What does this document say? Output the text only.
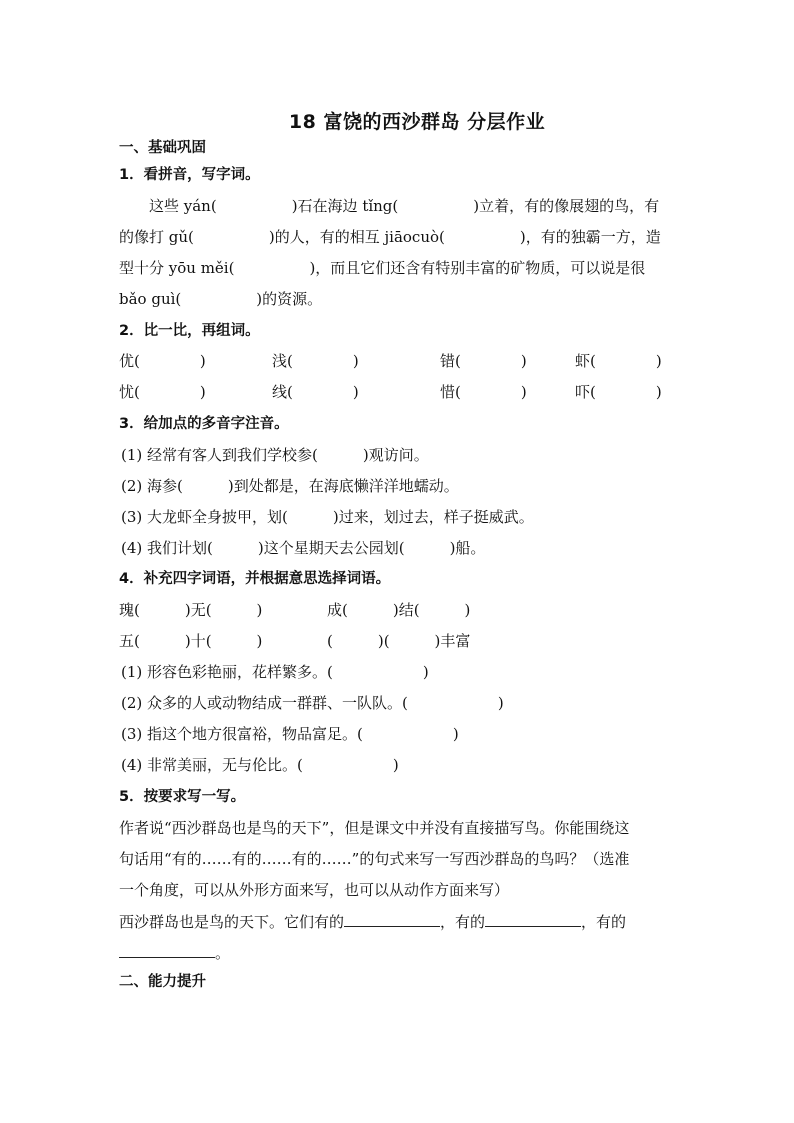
18 富饶的西沙群岛 分层作业
一、基础巩固
1．看拼音，写字词。
　　这些 yán(　　　　　)石在海边 tǐng(　　　　　)立着，有的像展翅的鸟，有
的像打 gǔ(　　　　　)的人，有的相互 jiāocuò(　　　　　)，有的独霸一方，造
型十分 yōu měi(　　　　　)，而且它们还含有特别丰富的矿物质，可以说是很
bǎo guì(　　　　　)的资源。
2．比一比，再组词。
优(　　　　)	浅(　　　　)	错(　　　　)	虾(　　　　)
忧(　　　　)	线(　　　　)	惜(　　　　)	吓(　　　　)
3．给加点的多音字注音。
(1) 经常有客人到我们学校参(　　　)观访问。
(2) 海参(　　　)到处都是，在海底懒洋洋地蠕动。
(3) 大龙虾全身披甲，划(　　　)过来，划过去，样子挺威武。
(4) 我们计划(　　　)这个星期天去公园划(　　　)船。
4．补充四字词语，并根据意思选择词语。
瑰(　　　)无(　　　)	成(　　　)结(　　　)
五(　　　)十(　　　)	(　　　)(　　　)丰富
(1) 形容色彩艳丽，花样繁多。(　　　　　　)
(2) 众多的人或动物结成一群群、一队队。(　　　　　　)
(3) 指这个地方很富裕，物品富足。(　　　　　　)
(4) 非常美丽，无与伦比。(　　　　　　)
5．按要求写一写。
作者说“西沙群岛也是鸟的天下”，但是课文中并没有直接描写鸟。你能围绕这
句话用“有的……有的……有的……”的句式来写一写西沙群岛的鸟吗？（选准
一个角度，可以从外形方面来写，也可以从动作方面来写）
西沙群岛也是鸟的天下。它们有的	，有的	，有的
。
二、能力提升
